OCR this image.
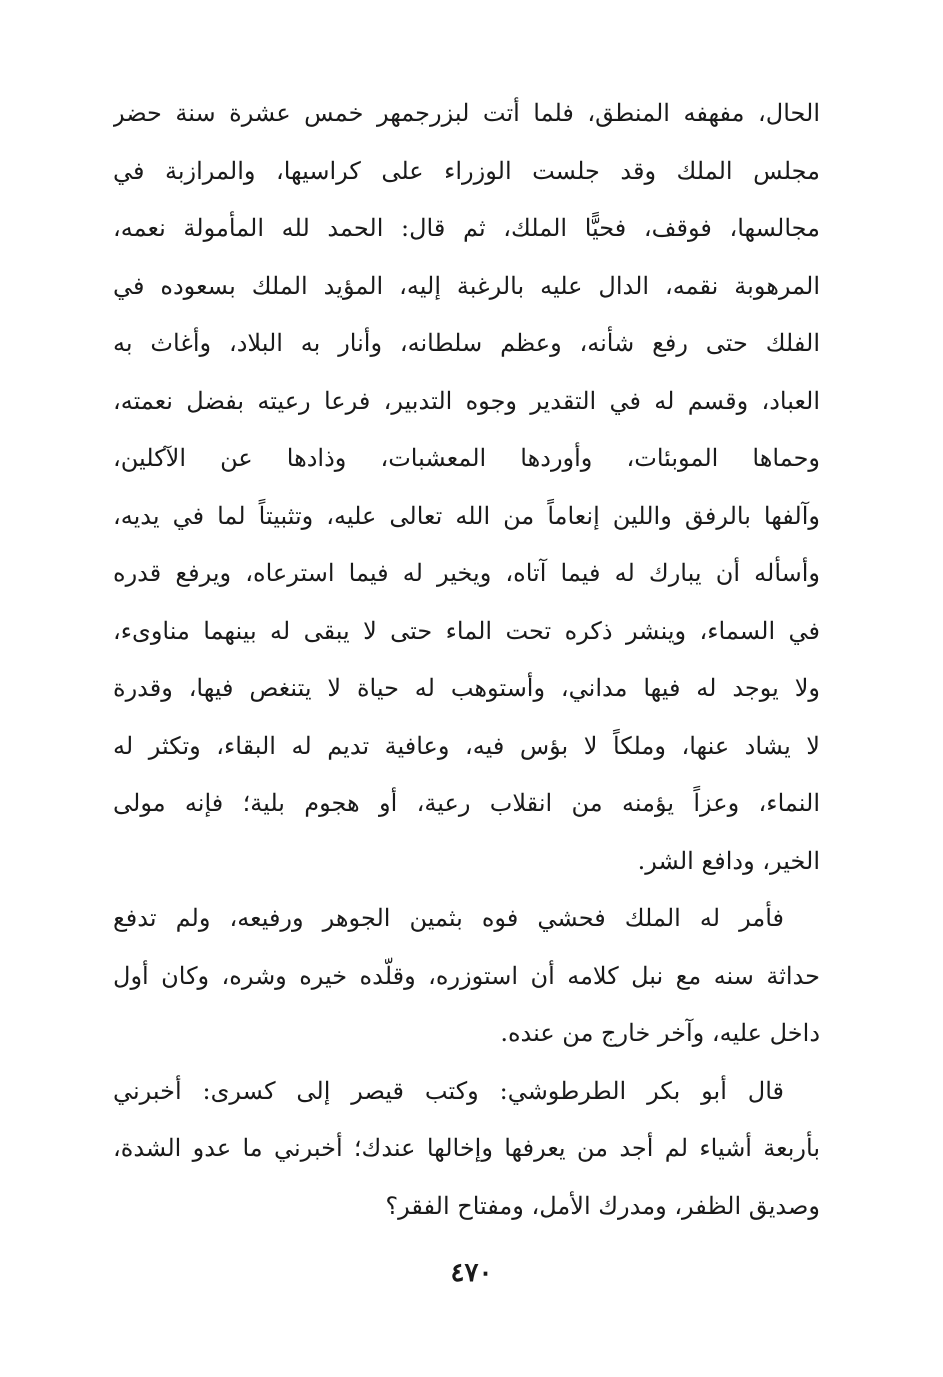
الحال، مفهفه المنطق، فلما أتت لبزرجمهر خمس عشرة سنة حضر
مجلس الملك وقد جلست الوزراء على كراسيها، والمرازبة في
مجالسها، فوقف، فحيًّا الملك، ثم قال: الحمد لله المأمولة نعمه،
المرهوبة نقمه، الدال عليه بالرغبة إليه، المؤيد الملك بسعوده في
الفلك حتى رفع شأنه، وعظم سلطانه، وأنار به البلاد، وأغاث به
العباد، وقسم له في التقدير وجوه التدبير، فرعا رعيته بفضل نعمته،
وحماها الموبئات، وأوردها المعشبات، وذادها عن الآكلين،
وآلفها بالرفق واللين إنعاماً من الله تعالى عليه، وتثبيتاً لما في يديه،
وأسأله أن يبارك له فيما آتاه، ويخير له فيما استرعاه، ويرفع قدره
في السماء، وينشر ذكره تحت الماء حتى لا يبقى له بينهما مناوىء،
ولا يوجد له فيها مداني، وأستوهب له حياة لا يتنغص فيها، وقدرة
لا يشاد عنها، وملكاً لا بؤس فيه، وعافية تديم له البقاء، وتكثر له
النماء، وعزاً يؤمنه من انقلاب رعية، أو هجوم بلية؛ فإنه مولى
الخير، ودافع الشر.
فأمر له الملك فحشي فوه بثمين الجوهر ورفيعه، ولم تدفع
حداثة سنه مع نبل كلامه أن استوزره، وقلّده خيره وشره، وكان أول
داخل عليه، وآخر خارج من عنده.
قال أبو بكر الطرطوشي: وكتب قيصر إلى كسرى: أخبرني
بأربعة أشياء لم أجد من يعرفها وإخالها عندك؛ أخبرني ما عدو الشدة،
وصديق الظفر، ومدرك الأمل، ومفتاح الفقر؟
٤٧٠
